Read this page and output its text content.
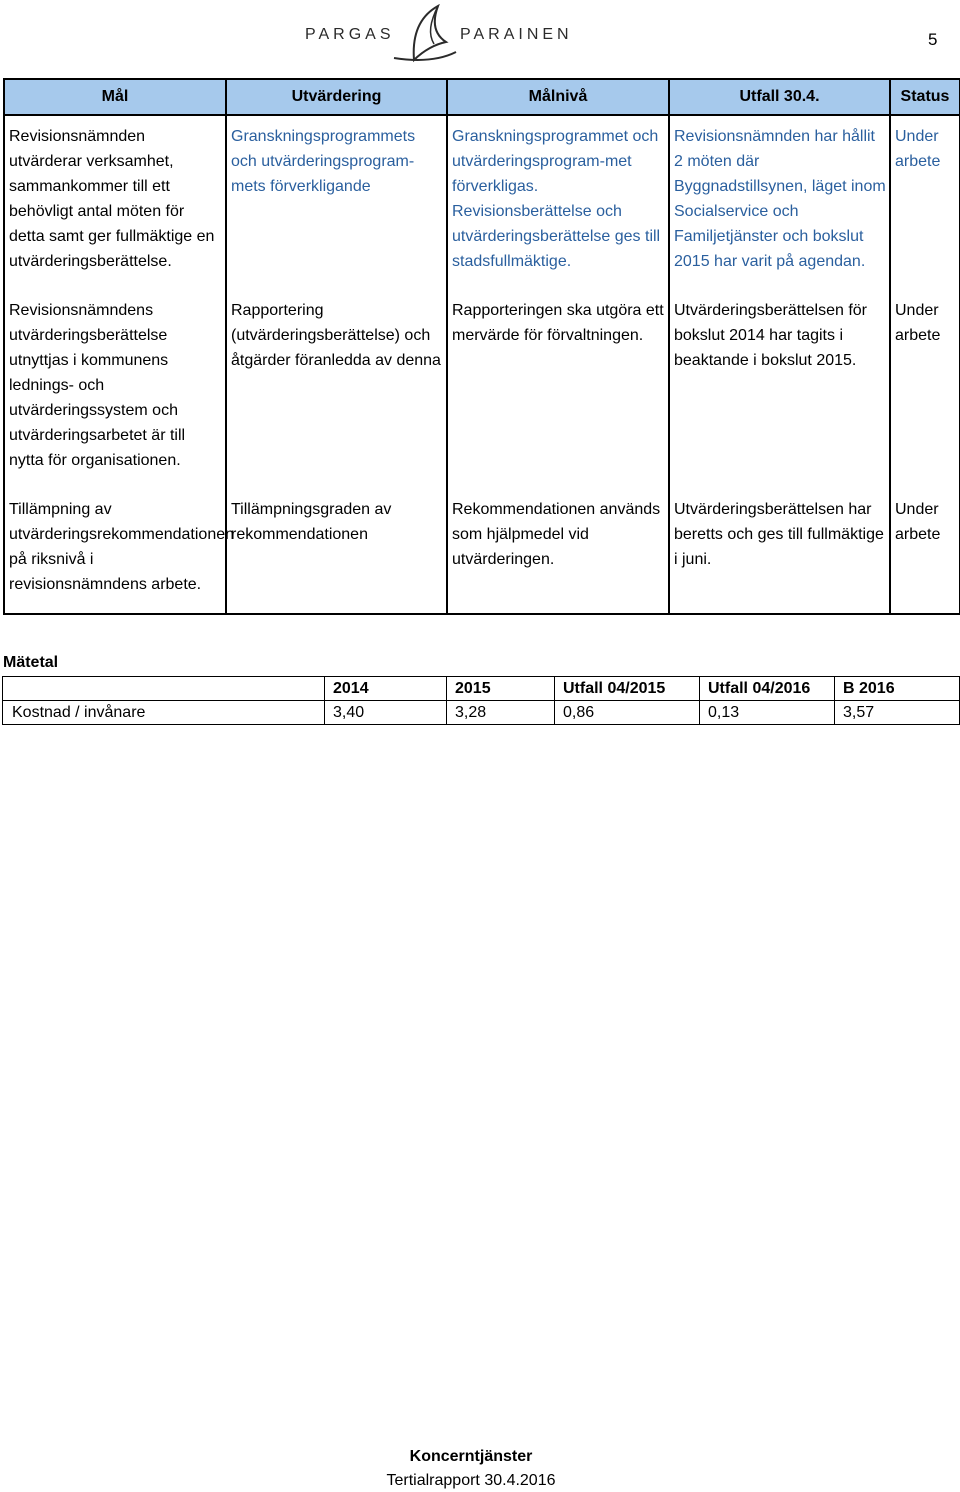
PARGAS	PARAINEN	5
Mål	Utvärdering	Målnivå	Utfall 30.4.	Status
Revisionsnämnden utvärderar verksamhet, sammankommer till ett behövligt antal möten för detta samt ger fullmäktige en utvärderingsberättelse.	Granskningsprogrammets och utvärderingsprogram-mets förverkligande	Granskningsprogrammet och utvärderingsprogram-met förverkligas. Revisionsberättelse och utvärderingsberättelse ges till stadsfullmäktige.	Revisionsnämnden har hållit 2 möten där Byggnadstillsynen, läget inom Socialservice och Familjetjänster och bokslut 2015 har varit på agendan.	Under arbete
Revisionsnämndens utvärderingsberättelse utnyttjas i kommunens lednings- och utvärderingssystem och utvärderingsarbetet är till nytta för organisationen.	Rapportering (utvärderingsberättelse) och åtgärder föranledda av denna	Rapporteringen ska utgöra ett mervärde för förvaltningen.	Utvärderingsberättelsen för bokslut 2014 har tagits i beaktande i bokslut 2015.	Under arbete
Tillämpning av utvärderingsrekommendationen på riksnivå i revisionsnämndens arbete.	Tillämpningsgraden av rekommendationen	Rekommendationen används som hjälpmedel vid utvärderingen.	Utvärderingsberättelsen har beretts och ges till fullmäktige i juni.	Under arbete
Mätetal
	2014	2015	Utfall 04/2015	Utfall 04/2016	B 2016
Kostnad / invånare	3,40	3,28	0,86	0,13	3,57
Koncerntjänster
Tertialrapport 30.4.2016
